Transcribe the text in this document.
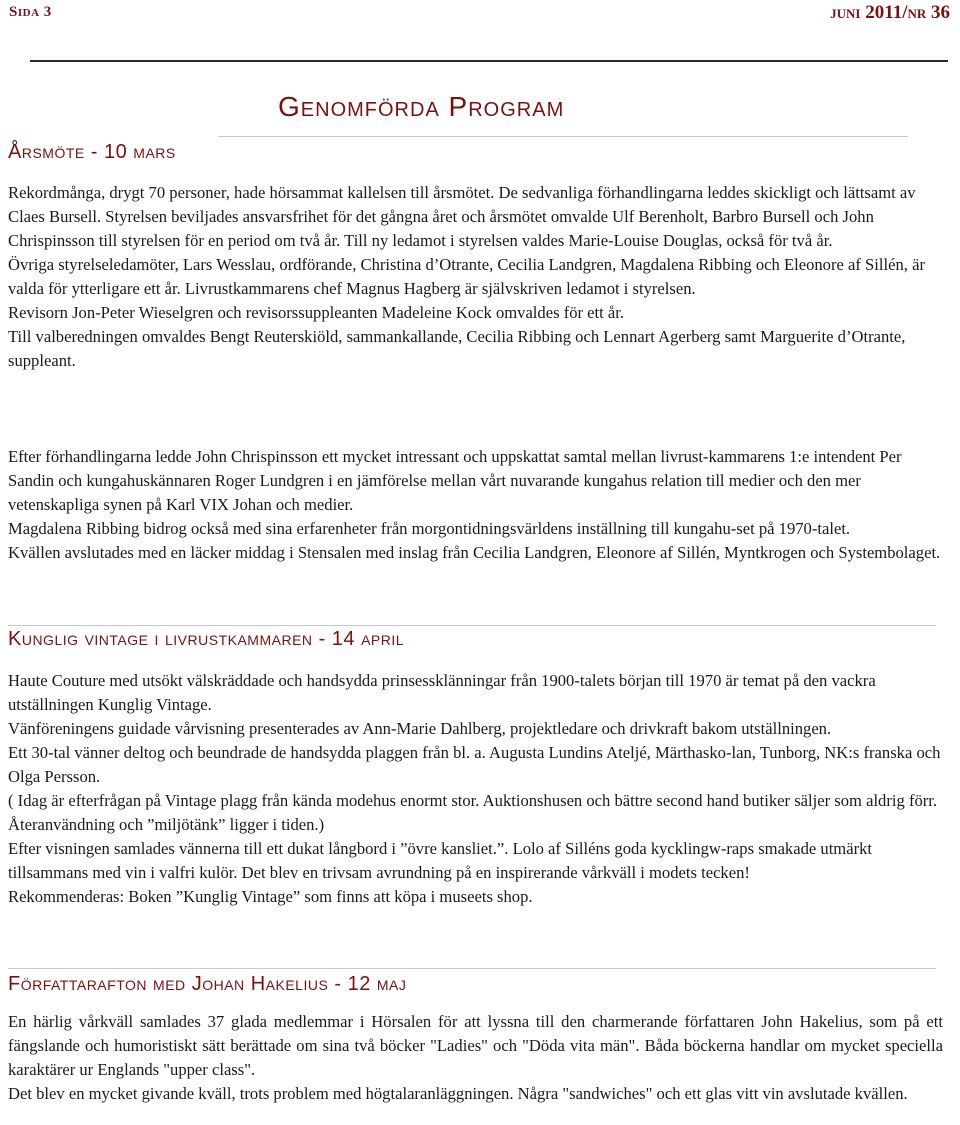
Sida 3	juni 2011/nr 36
Genomförda Program
Årsmöte - 10 mars

Rekordmånga, drygt 70 personer, hade hörsammat kallelsen till årsmötet. De sedvanliga förhandlingarna leddes skickligt och lättsamt av Claes Bursell. Styrelsen beviljades ansvarsfrihet för det gångna året och årsmötet omvalde Ulf Berenholt, Barbro Bursell och John Chrispinsson till styrelsen för en period om två år. Till ny ledamot i styrelsen valdes Marie-Louise Douglas, också för två år.

Övriga styrelseledamöter, Lars Wesslau, ordförande, Christina d’Otrante, Cecilia Landgren, Magdalena Ribbing och Eleonore af Sillén, är valda för ytterligare ett år. Livrustkammarens chef Magnus Hagberg är självskriven ledamot i styrelsen.

Revisorn Jon-Peter Wieselgren och revisorssuppleanten Madeleine Kock omvaldes för ett år.

Till valberedningen omvaldes Bengt Reuterskiöld, sammankallande, Cecilia Ribbing och Lennart Agerberg samt Marguerite d’Otrante, suppleant.

Efter förhandlingarna ledde John Chrispinsson ett mycket intressant och uppskattat samtal mellan livrust-kammarens 1:e intendent Per Sandin och kungahuskännaren Roger Lundgren i en jämförelse mellan vårt nuvarande kungahus relation till medier och den mer vetenskapliga synen på Karl VIX Johan och medier.

Magdalena Ribbing bidrog också med sina erfarenheter från morgontidningsvärldens inställning till kungahu-set på 1970-talet.

Kvällen avslutades med en läcker middag i Stensalen med inslag från Cecilia Landgren, Eleonore af Sillén, Myntkrogen och Systembolaget.

Kunglig vintage i livrustkammaren - 14 april

Haute Couture med utsökt välskräddade och handsydda prinsessklänningar från 1900-talets början till 1970 är temat på den vackra utställningen Kunglig Vintage.

Vänföreningens guidade vårvisning presenterades av Ann-Marie Dahlberg, projektledare och drivkraft bakom utställningen.

Ett 30-tal vänner deltog och beundrade de handsydda plaggen från bl. a. Augusta Lundins Ateljé, Märthasko-lan, Tunborg, NK:s franska och Olga Persson.

( Idag är efterfrågan på Vintage plagg från kända modehus enormt stor. Auktionshusen och bättre second hand butiker säljer som aldrig förr. Återanvändning och ”miljötänk” ligger i tiden.)

Efter visningen samlades vännerna till ett dukat långbord i ”övre kansliet.”. Lolo af Silléns goda kycklingw-raps smakade utmärkt tillsammans med vin i valfri kulör. Det blev en trivsam avrundning på en inspirerande vårkväll i modets tecken!

Rekommenderas: Boken ”Kunglig Vintage” som finns att köpa i museets shop.

Författarafton med Johan Hakelius - 12 maj

En härlig vårkväll samlades 37 glada medlemmar i Hörsalen för att lyssna till den charmerande författaren John Hakelius, som på ett fängslande och humoristiskt sätt berättade om sina två böcker "Ladies" och "Döda vita män". Båda böckerna handlar om mycket speciella karaktärer ur Englands "upper class".

Det blev en mycket givande kväll, trots problem med högtalaranläggningen. Några "sandwiches" och ett glas vitt vin avslutade kvällen.
